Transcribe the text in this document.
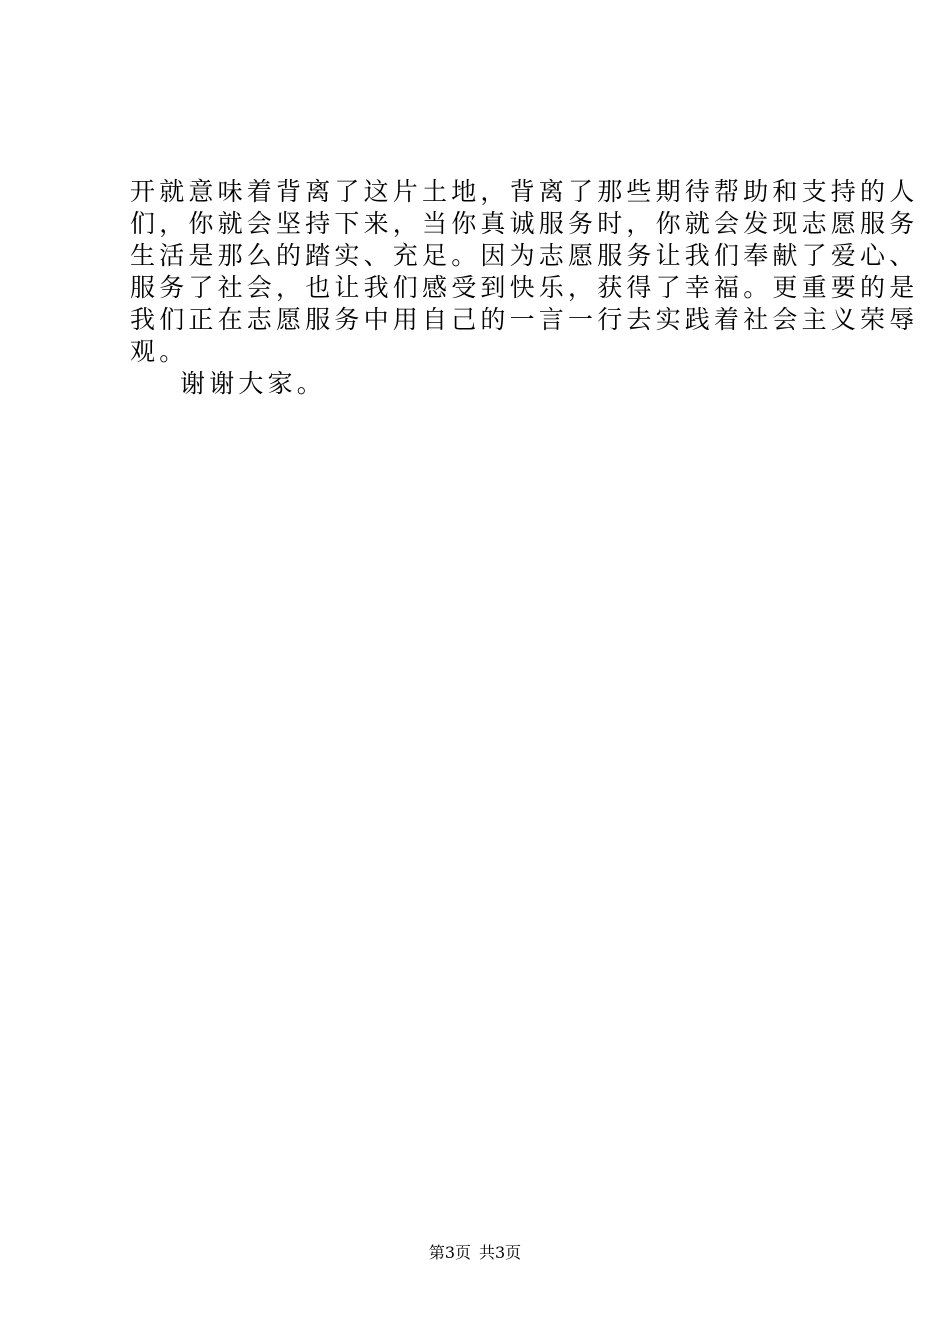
开就意味着背离了这片土地，背离了那些期待帮助和支持的人
们，你就会坚持下来，当你真诚服务时，你就会发现志愿服务
生活是那么的踏实、充足。因为志愿服务让我们奉献了爱心、
服务了社会，也让我们感受到快乐，获得了幸福。更重要的是
我们正在志愿服务中用自己的一言一行去实践着社会主义荣辱
观。
谢谢大家。
第3页 共3页
